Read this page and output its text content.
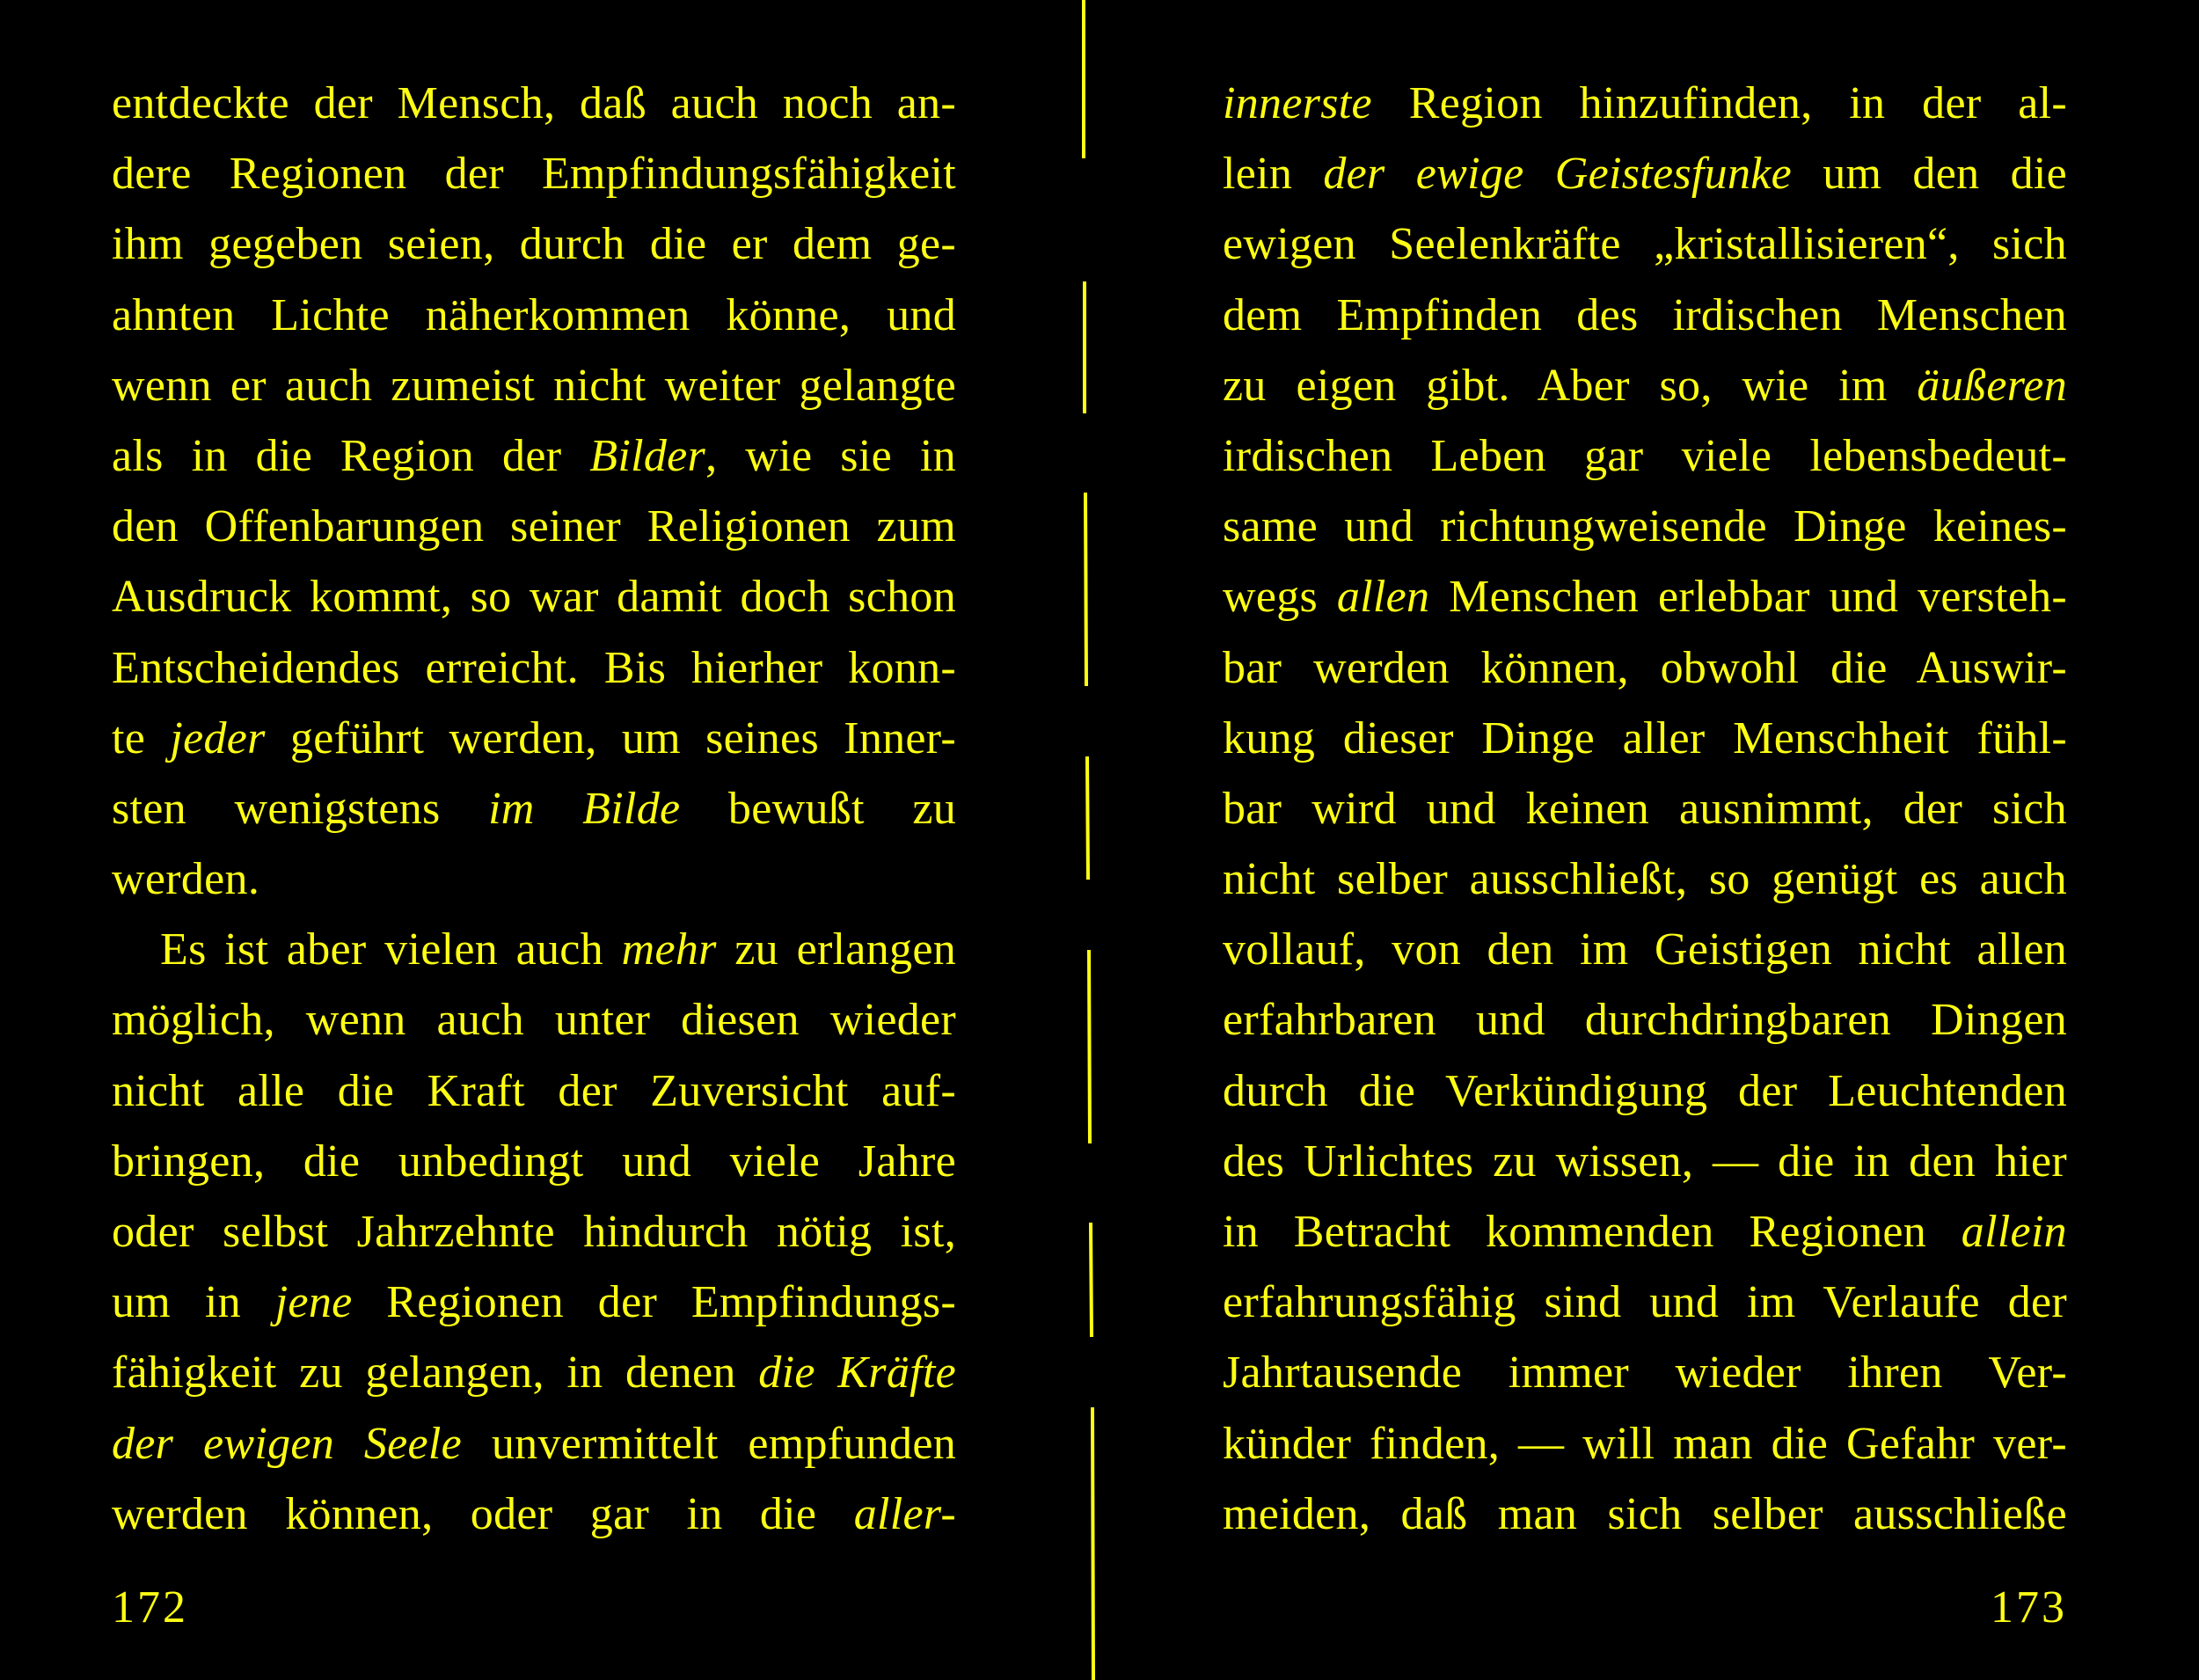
entdeckte der Mensch, daß auch noch an-
dere Regionen der Empfindungsfähigkeit
ihm gegeben seien, durch die er dem ge-
ahnten Lichte näherkommen könne, und
wenn er auch zumeist nicht weiter gelangte
als in die Region der Bilder, wie sie in
den Offenbarungen seiner Religionen zum
Ausdruck kommt, so war damit doch schon
Entscheidendes erreicht. Bis hierher konn-
te jeder geführt werden, um seines Inner-
sten wenigstens im Bilde bewußt zu
werden.
Es ist aber vielen auch mehr zu erlangen
möglich, wenn auch unter diesen wieder
nicht alle die Kraft der Zuversicht auf-
bringen, die unbedingt und viele Jahre
oder selbst Jahrzehnte hindurch nötig ist,
um in jene Regionen der Empfindungs-
fähigkeit zu gelangen, in denen die Kräfte
der ewigen Seele unvermittelt empfunden
werden können, oder gar in die aller-
172
innerste Region hinzufinden, in der al-
lein der ewige Geistesfunke um den die
ewigen Seelenkräfte „kristallisieren“, sich
dem Empfinden des irdischen Menschen
zu eigen gibt. Aber so, wie im äußeren
irdischen Leben gar viele lebensbedeut-
same und richtungweisende Dinge keines-
wegs allen Menschen erlebbar und versteh-
bar werden können, obwohl die Auswir-
kung dieser Dinge aller Menschheit fühl-
bar wird und keinen ausnimmt, der sich
nicht selber ausschließt, so genügt es auch
vollauf, von den im Geistigen nicht allen
erfahrbaren und durchdringbaren Dingen
durch die Verkündigung der Leuchtenden
des Urlichtes zu wissen, — die in den hier
in Betracht kommenden Regionen allein
erfahrungsfähig sind und im Verlaufe der
Jahrtausende immer wieder ihren Ver-
künder finden, — will man die Gefahr ver-
meiden, daß man sich selber ausschließe
173
